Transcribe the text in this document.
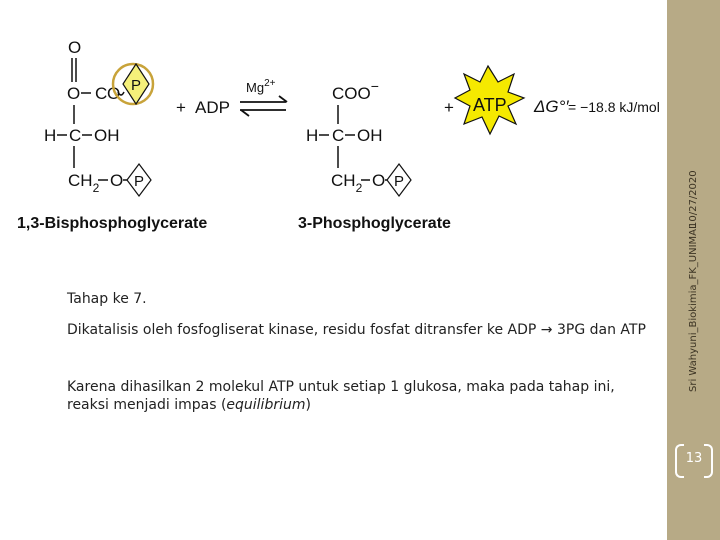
10/27/2020
Sri Wahyuni_Biokimia_FK_UNIMAL
13
O
O C O P
H C OH
$CH_2$ O P
1,3-Bisphosphoglycerate
+ ADP
$Mg^{2+}$
COO−
H C OH
$CH_2$ O P
3-Phosphoglycerate
+ ATP ΔG°′ = −18.8 kJ/mol
Tahap ke 7.
Dikatalisis oleh fosfogliserat kinase, residu fosfat ditransfer ke ADP → 3PG dan ATP
Karena dihasilkan 2 molekul ATP untuk setiap 1 glukosa, maka pada tahap ini, reaksi menjadi impas (equilibrium)
